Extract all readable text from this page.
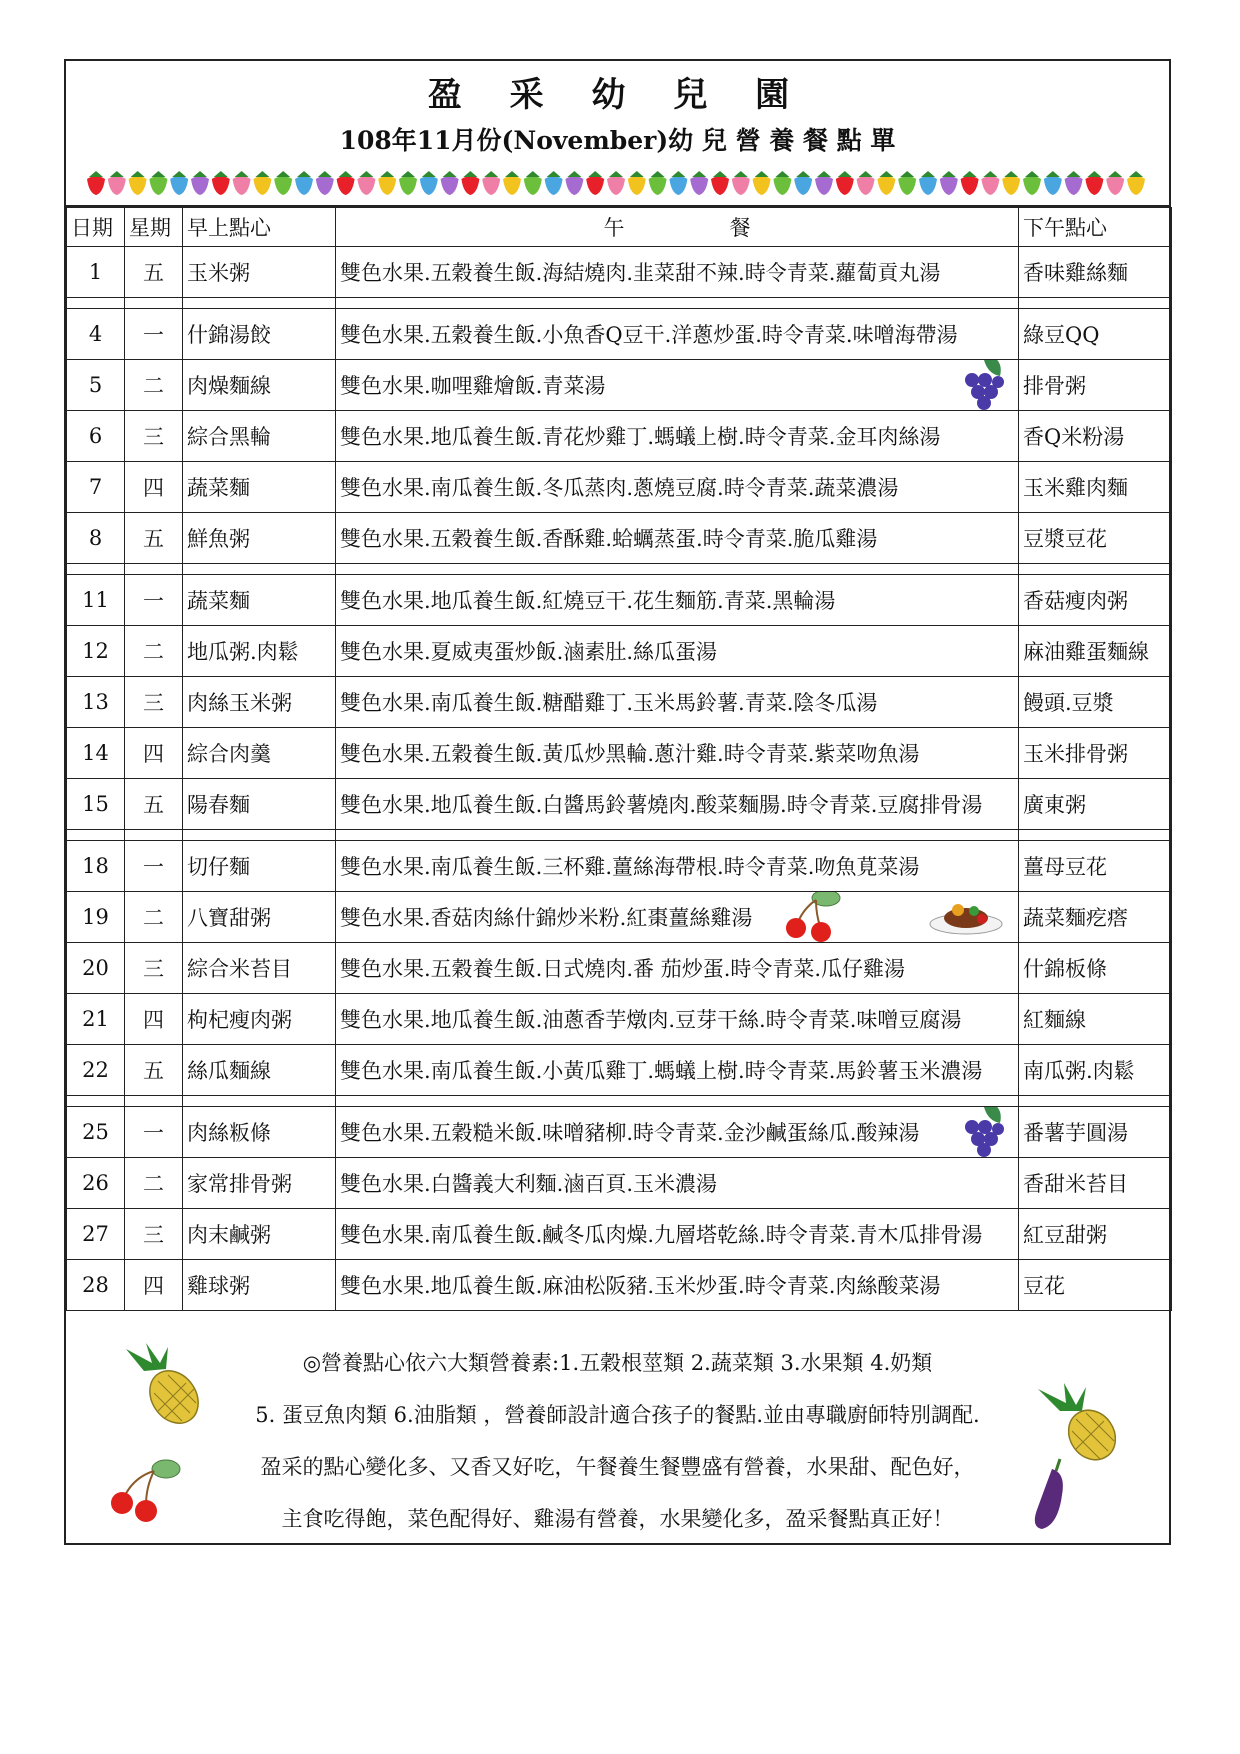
盈 采 幼 兒 園
108年11月份(November)幼 兒 營 養 餐 點 單
日期	星期	早上點心	午　　　　　餐	下午點心
1	五	玉米粥	雙色水果.五穀養生飯.海結燒肉.韭菜甜不辣.時令青菜.蘿蔔貢丸湯	香味雞絲麵

4	一	什錦湯餃	雙色水果.五穀養生飯.小魚香Q豆干.洋蔥炒蛋.時令青菜.味噌海帶湯	綠豆QQ
5	二	肉燥麵線	雙色水果.咖哩雞燴飯.青菜湯	排骨粥
6	三	綜合黑輪	雙色水果.地瓜養生飯.青花炒雞丁.螞蟻上樹.時令青菜.金耳肉絲湯	香Q米粉湯
7	四	蔬菜麵	雙色水果.南瓜養生飯.冬瓜蒸肉.蔥燒豆腐.時令青菜.蔬菜濃湯	玉米雞肉麵
8	五	鮮魚粥	雙色水果.五穀養生飯.香酥雞.蛤蠣蒸蛋.時令青菜.脆瓜雞湯	豆漿豆花

11	一	蔬菜麵	雙色水果.地瓜養生飯.紅燒豆干.花生麵筋.青菜.黑輪湯	香菇瘦肉粥
12	二	地瓜粥.肉鬆	雙色水果.夏威夷蛋炒飯.滷素肚.絲瓜蛋湯	麻油雞蛋麵線
13	三	肉絲玉米粥	雙色水果.南瓜養生飯.糖醋雞丁.玉米馬鈴薯.青菜.陰冬瓜湯	饅頭.豆漿
14	四	綜合肉羹	雙色水果.五穀養生飯.黃瓜炒黑輪.蔥汁雞.時令青菜.紫菜吻魚湯	玉米排骨粥
15	五	陽春麵	雙色水果.地瓜養生飯.白醬馬鈴薯燒肉.酸菜麵腸.時令青菜.豆腐排骨湯	廣東粥

18	一	切仔麵	雙色水果.南瓜養生飯.三杯雞.薑絲海帶根.時令青菜.吻魚莧菜湯	薑母豆花
19	二	八寶甜粥	雙色水果.香菇肉絲什錦炒米粉.紅棗薑絲雞湯	蔬菜麵疙瘩
20	三	綜合米苔目	雙色水果.五穀養生飯.日式燒肉.番 茄炒蛋.時令青菜.瓜仔雞湯	什錦板條
21	四	枸杞瘦肉粥	雙色水果.地瓜養生飯.油蔥香芋燉肉.豆芽干絲.時令青菜.味噌豆腐湯	紅麵線
22	五	絲瓜麵線	雙色水果.南瓜養生飯.小黃瓜雞丁.螞蟻上樹.時令青菜.馬鈴薯玉米濃湯	南瓜粥.肉鬆

25	一	肉絲粄條	雙色水果.五穀糙米飯.味噌豬柳.時令青菜.金沙鹹蛋絲瓜.酸辣湯	番薯芋圓湯
26	二	家常排骨粥	雙色水果.白醬義大利麵.滷百頁.玉米濃湯	香甜米苔目
27	三	肉末鹹粥	雙色水果.南瓜養生飯.鹹冬瓜肉燥.九層塔乾絲.時令青菜.青木瓜排骨湯	紅豆甜粥
28	四	雞球粥	雙色水果.地瓜養生飯.麻油松阪豬.玉米炒蛋.時令青菜.肉絲酸菜湯	豆花
◎營養點心依六大類營養素:1.五穀根莖類 2.蔬菜類 3.水果類 4.奶類
5. 蛋豆魚肉類 6.油脂類 ，營養師設計適合孩子的餐點.並由專職廚師特別調配.
盈采的點心變化多、又香又好吃，午餐養生餐豐盛有營養，水果甜、配色好，
主食吃得飽，菜色配得好、雞湯有營養，水果變化多，盈采餐點真正好！
